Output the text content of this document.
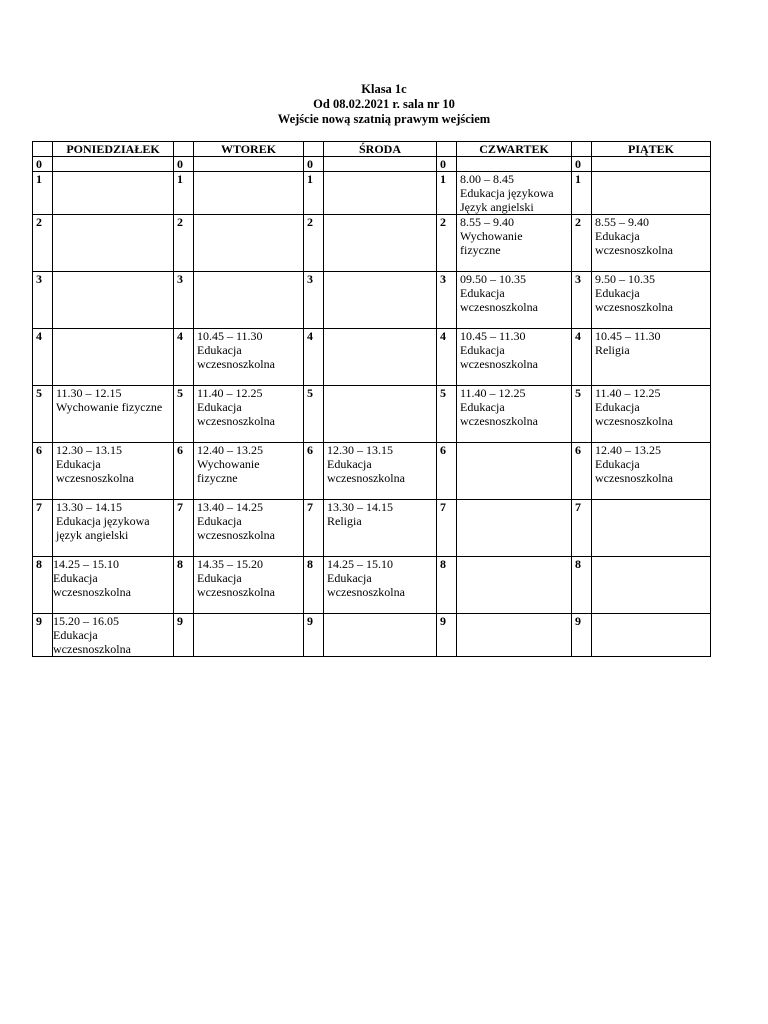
Klasa 1c
Od 08.02.2021 r. sala nr 10
Wejście nową szatnią prawym wejściem
	PONIEDZIAŁEK		WTOREK		ŚRODA		CZWARTEK		PIĄTEK
0		0		0		0		0	
1		1		1		1	8.00 – 8.45
Edukacja językowa
Język angielski	1	
2		2		2		2	8.55 – 9.40
Wychowanie
fizyczne	2	8.55 – 9.40
Edukacja
wczesnoszkolna

3		3		3		3	09.50 – 10.35
Edukacja
wczesnoszkolna	3	9.50 – 10.35
Edukacja
wczesnoszkolna

4		4	10.45 – 11.30
Edukacja
wczesnoszkolna	4		4	10.45 – 11.30
Edukacja
wczesnoszkolna	4	10.45 – 11.30
Religia

5	11.30 – 12.15
Wychowanie fizyczne	5	11.40 – 12.25
Edukacja
wczesnoszkolna	5		5	11.40 – 12.25
Edukacja
wczesnoszkolna	5	11.40 – 12.25
Edukacja
wczesnoszkolna

6	12.30 – 13.15
Edukacja
wczesnoszkolna	6	12.40 – 13.25
Wychowanie
fizyczne	6	12.30 – 13.15
Edukacja
wczesnoszkolna	6		6	12.40 – 13.25
Edukacja
wczesnoszkolna

7	13.30 – 14.15
Edukacja językowa
język angielski	7	13.40 – 14.25
Edukacja
wczesnoszkolna	7	13.30 – 14.15
Religia	7		7	
8	14.25 – 15.10
Edukacja
wczesnoszkolna	8	14.35 – 15.20
Edukacja
wczesnoszkolna	8	14.25 – 15.10
Edukacja
wczesnoszkolna	8		8	
9	15.20 – 16.05
Edukacja
wczesnoszkolna	9		9		9		9	
